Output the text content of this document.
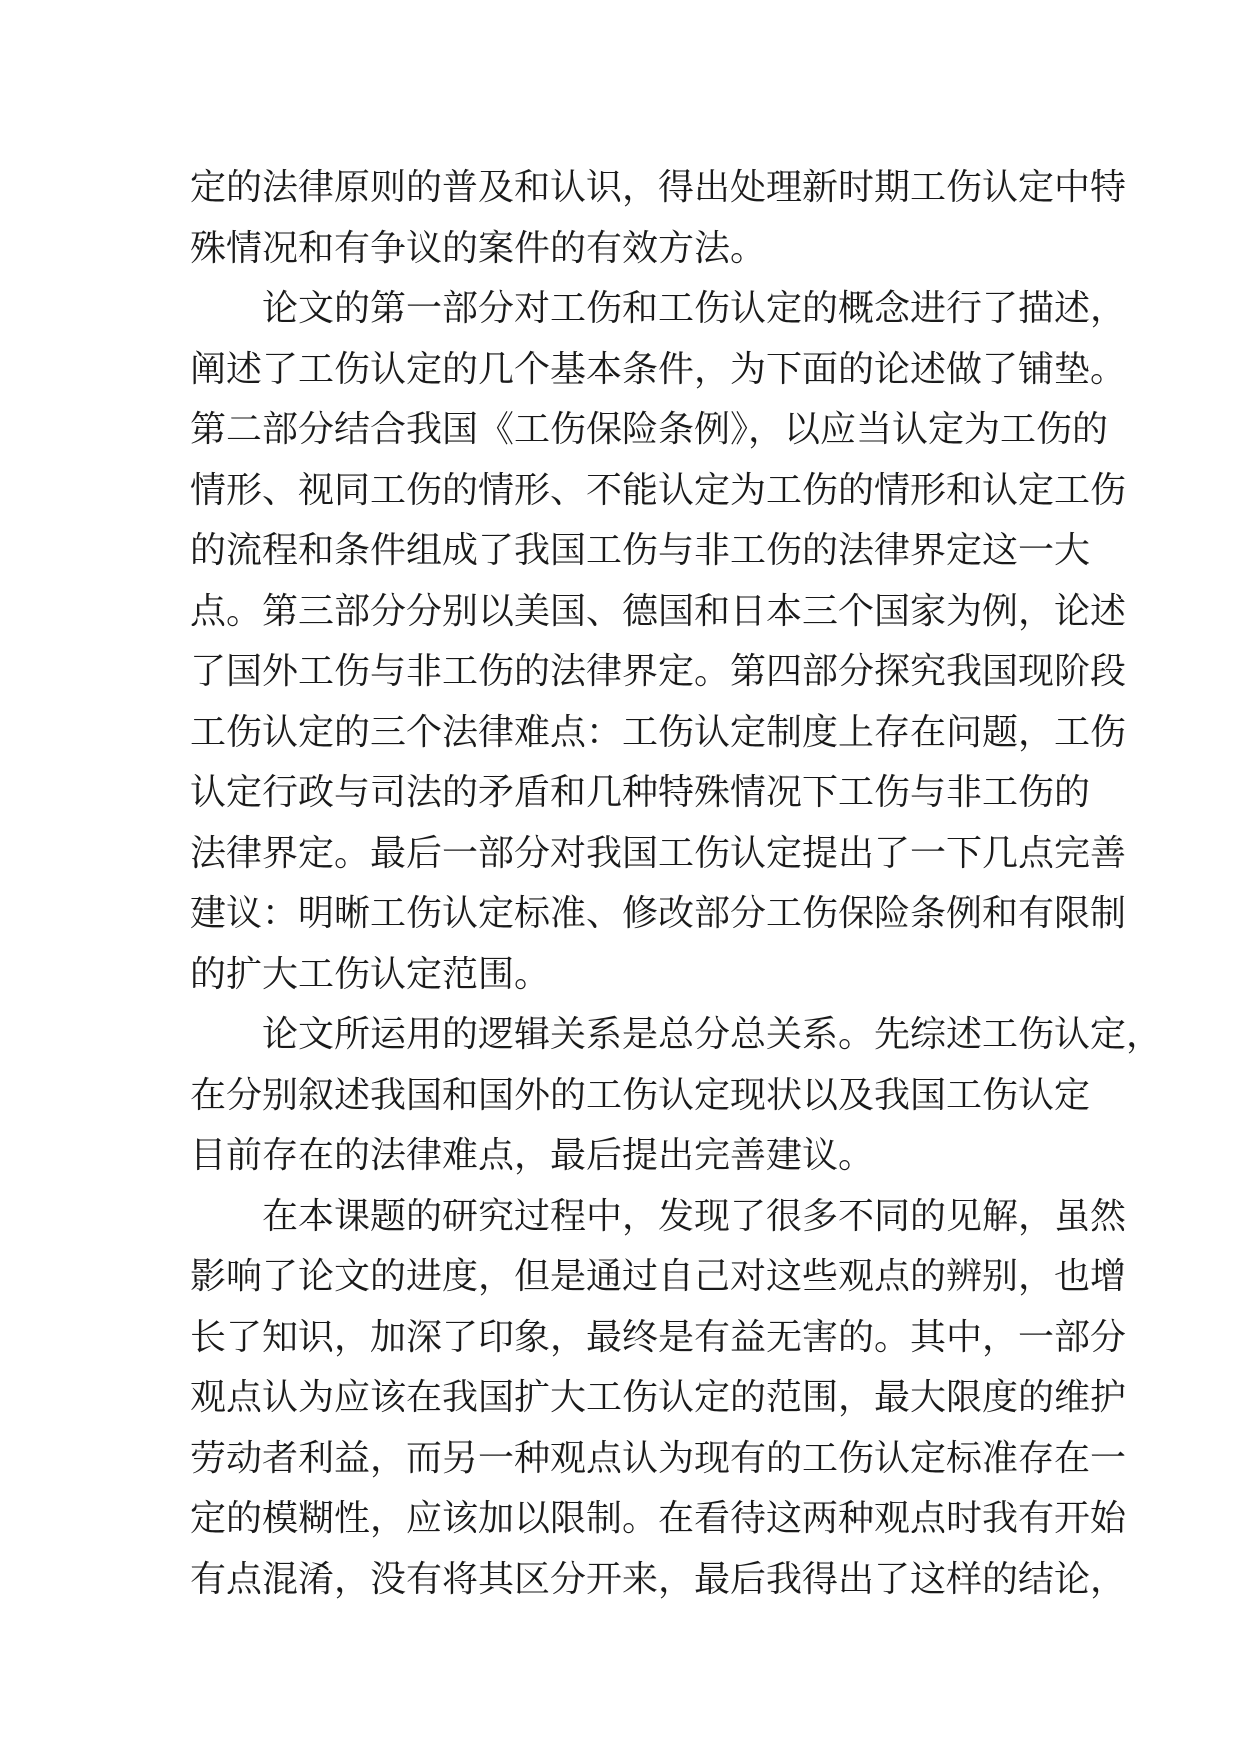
定的法律原则的普及和认识，得出处理新时期工伤认定中特
殊情况和有争议的案件的有效方法。
论文的第一部分对工伤和工伤认定的概念进行了描述，
阐述了工伤认定的几个基本条件，为下面的论述做了铺垫。
第二部分结合我国《工伤保险条例》，以应当认定为工伤的
情形、视同工伤的情形、不能认定为工伤的情形和认定工伤
的流程和条件组成了我国工伤与非工伤的法律界定这一大
点。第三部分分别以美国、德国和日本三个国家为例，论述
了国外工伤与非工伤的法律界定。第四部分探究我国现阶段
工伤认定的三个法律难点：工伤认定制度上存在问题，工伤
认定行政与司法的矛盾和几种特殊情况下工伤与非工伤的
法律界定。最后一部分对我国工伤认定提出了一下几点完善
建议：明晰工伤认定标准、修改部分工伤保险条例和有限制
的扩大工伤认定范围。
论文所运用的逻辑关系是总分总关系。先综述工伤认定，
在分别叙述我国和国外的工伤认定现状以及我国工伤认定
目前存在的法律难点，最后提出完善建议。
在本课题的研究过程中，发现了很多不同的见解，虽然
影响了论文的进度，但是通过自己对这些观点的辨别，也增
长了知识，加深了印象，最终是有益无害的。其中，一部分
观点认为应该在我国扩大工伤认定的范围，最大限度的维护
劳动者利益，而另一种观点认为现有的工伤认定标准存在一
定的模糊性，应该加以限制。在看待这两种观点时我有开始
有点混淆，没有将其区分开来，最后我得出了这样的结论，
